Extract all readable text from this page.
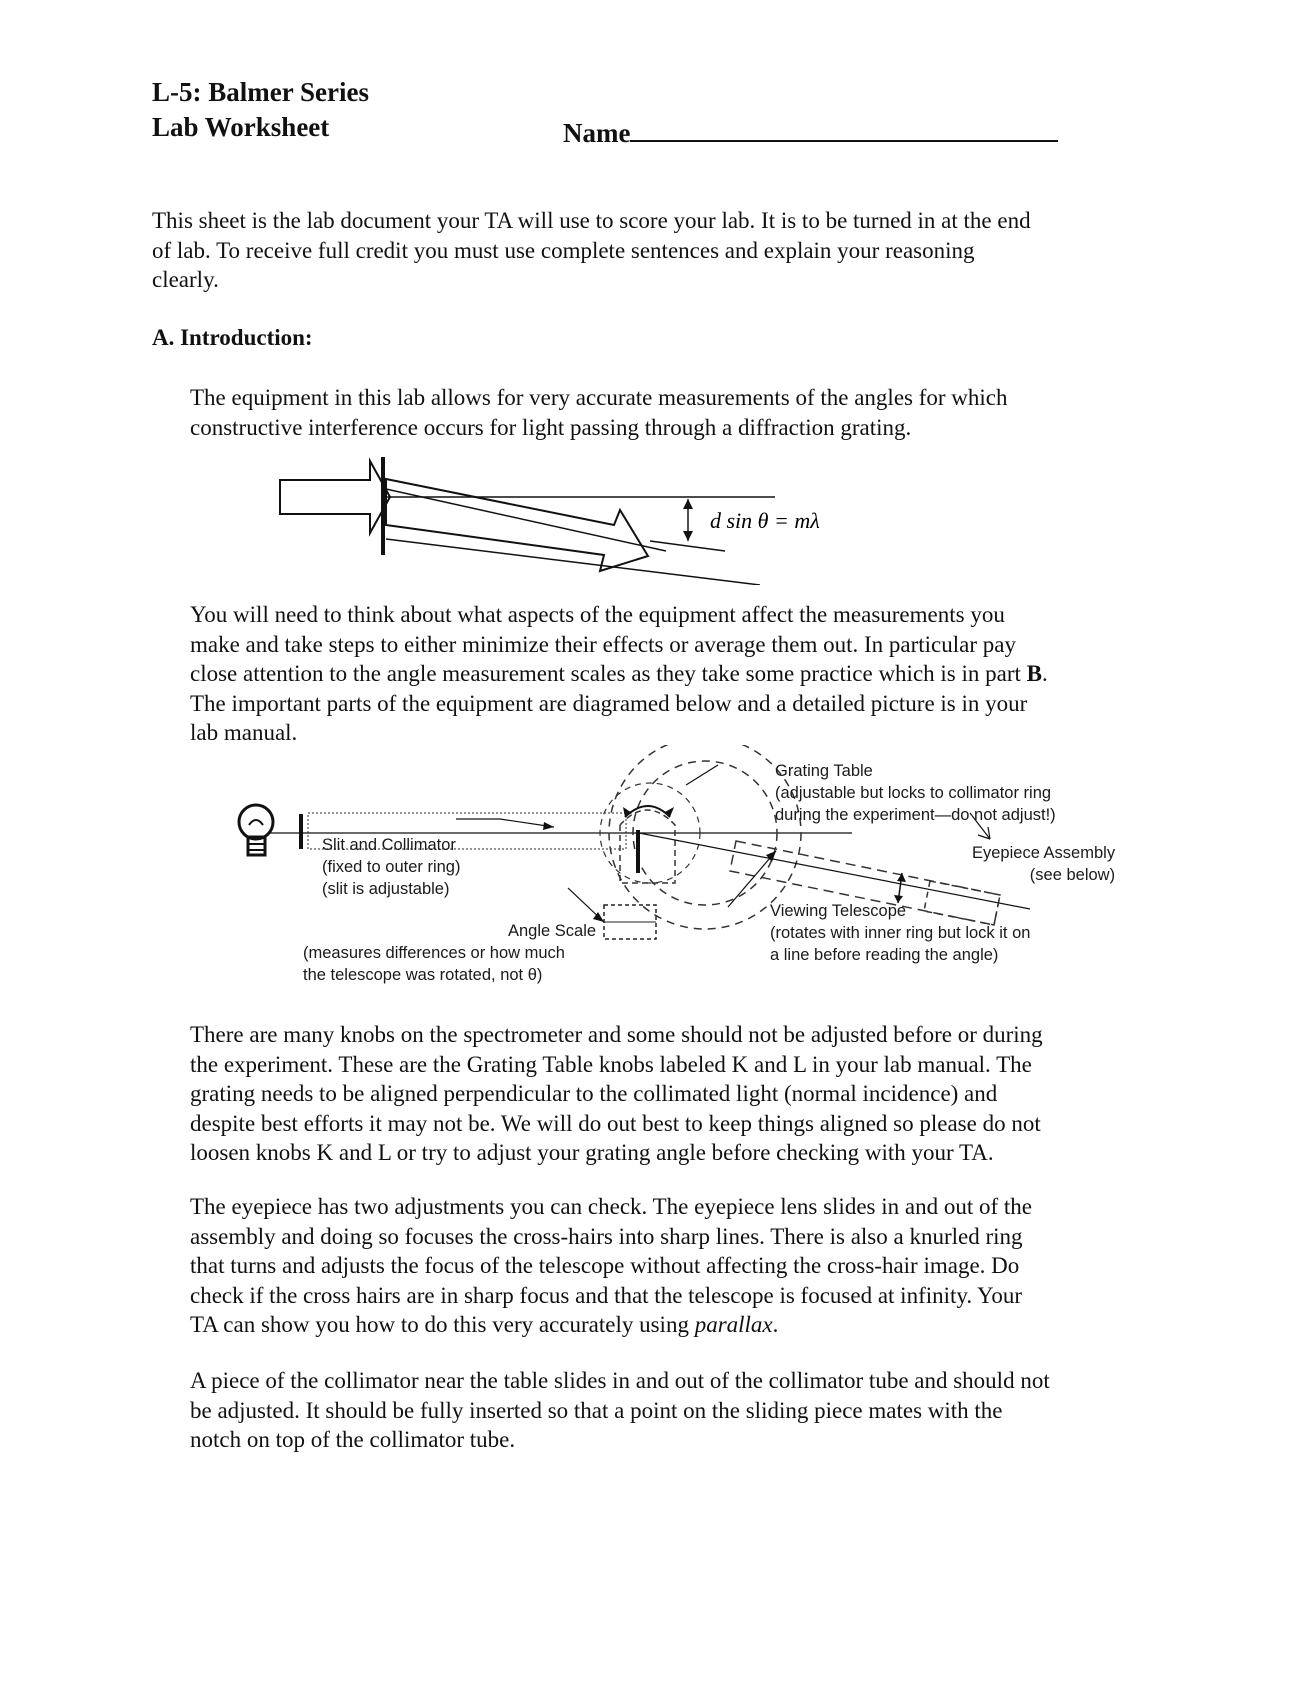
L-5: Balmer Series
Lab Worksheet	Name
This sheet is the lab document your TA will use to score your lab. It is to be turned in at the end
of lab. To receive full credit you must use complete sentences and explain your reasoning
clearly.
A. Introduction:
The equipment in this lab allows for very accurate measurements of the angles for which
constructive interference occurs for light passing through a diffraction grating.
d sin θ = mλ
You will need to think about what aspects of the equipment affect the measurements you
make and take steps to either minimize their effects or average them out. In particular pay
close attention to the angle measurement scales as they take some practice which is in part B.
The important parts of the equipment are diagramed below and a detailed picture is in your
lab manual.
Grating Table
(adjustable but locks to collimator ring
during the experiment—do not adjust!)
Slit and Collimator
(fixed to outer ring)
(slit is adjustable)
Eyepiece Assembly
(see below)
Viewing Telescope
(rotates with inner ring but lock it on
a line before reading the angle)
Angle Scale
(measures differences or how much
the telescope was rotated, not θ)
There are many knobs on the spectrometer and some should not be adjusted before or during
the experiment. These are the Grating Table knobs labeled K and L in your lab manual. The
grating needs to be aligned perpendicular to the collimated light (normal incidence) and
despite best efforts it may not be. We will do out best to keep things aligned so please do not
loosen knobs K and L or try to adjust your grating angle before checking with your TA.
The eyepiece has two adjustments you can check. The eyepiece lens slides in and out of the
assembly and doing so focuses the cross-hairs into sharp lines. There is also a knurled ring
that turns and adjusts the focus of the telescope without affecting the cross-hair image. Do
check if the cross hairs are in sharp focus and that the telescope is focused at infinity. Your
TA can show you how to do this very accurately using parallax.
A piece of the collimator near the table slides in and out of the collimator tube and should not
be adjusted. It should be fully inserted so that a point on the sliding piece mates with the
notch on top of the collimator tube.
